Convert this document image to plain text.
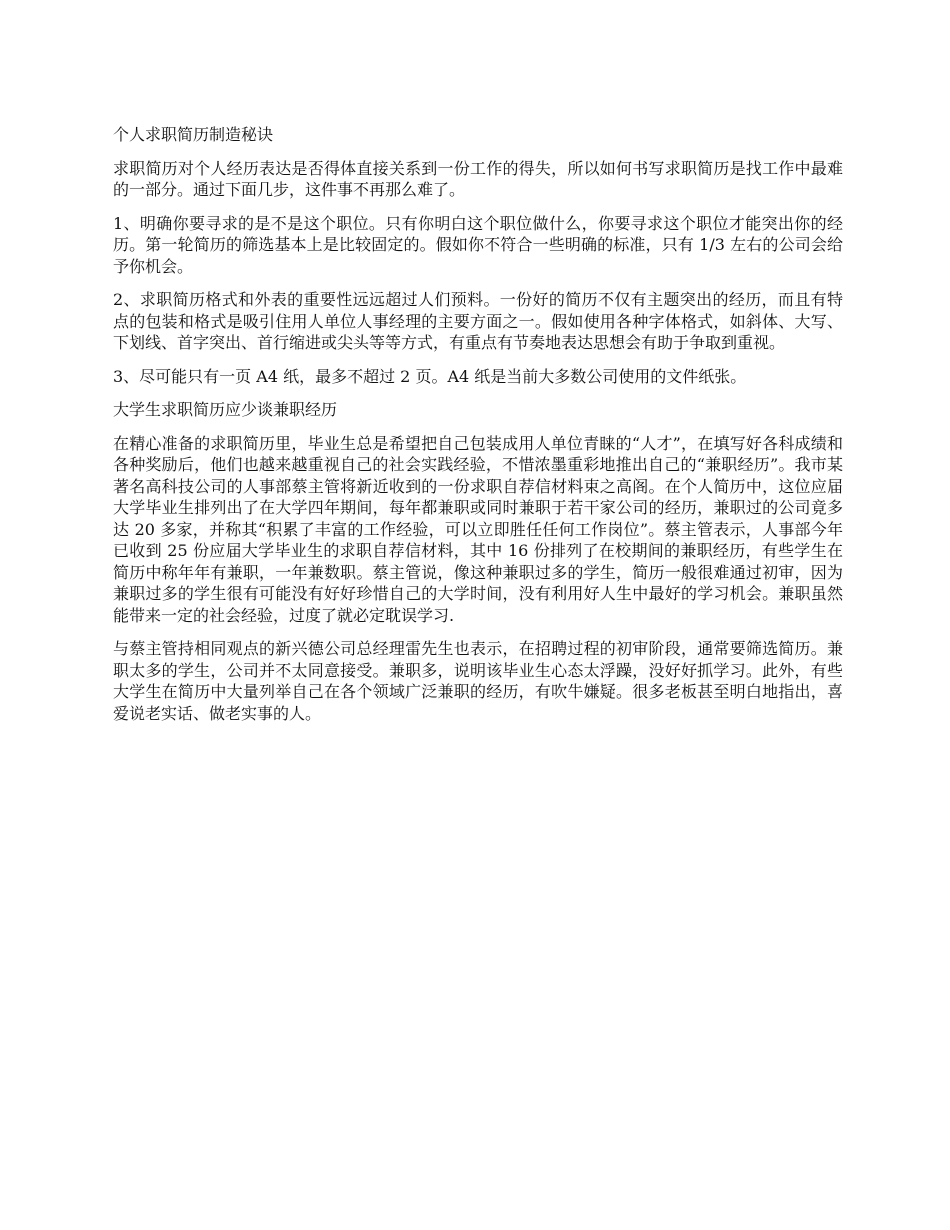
个人求职简历制造秘诀

求职简历对个人经历表达是否得体直接关系到一份工作的得失，所以如何书写求职简历是找工作中最难的一部分。通过下面几步，这件事不再那么难了。

1、明确你要寻求的是不是这个职位。只有你明白这个职位做什么，你要寻求这个职位才能突出你的经历。第一轮简历的筛选基本上是比较固定的。假如你不符合一些明确的标准，只有 1/3 左右的公司会给予你机会。

2、求职简历格式和外表的重要性远远超过人们预料。一份好的简历不仅有主题突出的经历，而且有特点的包装和格式是吸引住用人单位人事经理的主要方面之一。假如使用各种字体格式，如斜体、大写、下划线、首字突出、首行缩进或尖头等等方式，有重点有节奏地表达思想会有助于争取到重视。

3、尽可能只有一页 A4 纸，最多不超过 2 页。A4 纸是当前大多数公司使用的文件纸张。

大学生求职简历应少谈兼职经历

在精心准备的求职简历里，毕业生总是希望把自己包装成用人单位青睐的“人才”，在填写好各科成绩和各种奖励后，他们也越来越重视自己的社会实践经验，不惜浓墨重彩地推出自己的“兼职经历”。我市某著名高科技公司的人事部蔡主管将新近收到的一份求职自荐信材料束之高阁。在个人简历中，这位应届大学毕业生排列出了在大学四年期间，每年都兼职或同时兼职于若干家公司的经历，兼职过的公司竟多达 20 多家，并称其“积累了丰富的工作经验，可以立即胜任任何工作岗位”。蔡主管表示，人事部今年已收到 25 份应届大学毕业生的求职自荐信材料，其中 16 份排列了在校期间的兼职经历，有些学生在简历中称年年有兼职，一年兼数职。蔡主管说，像这种兼职过多的学生，简历一般很难通过初审，因为兼职过多的学生很有可能没有好好珍惜自己的大学时间，没有利用好人生中最好的学习机会。兼职虽然能带来一定的社会经验，过度了就必定耽误学习.

与蔡主管持相同观点的新兴德公司总经理雷先生也表示，在招聘过程的初审阶段，通常要筛选简历。兼职太多的学生，公司并不太同意接受。兼职多，说明该毕业生心态太浮躁，没好好抓学习。此外，有些大学生在简历中大量列举自己在各个领域广泛兼职的经历，有吹牛嫌疑。很多老板甚至明白地指出，喜爱说老实话、做老实事的人。
